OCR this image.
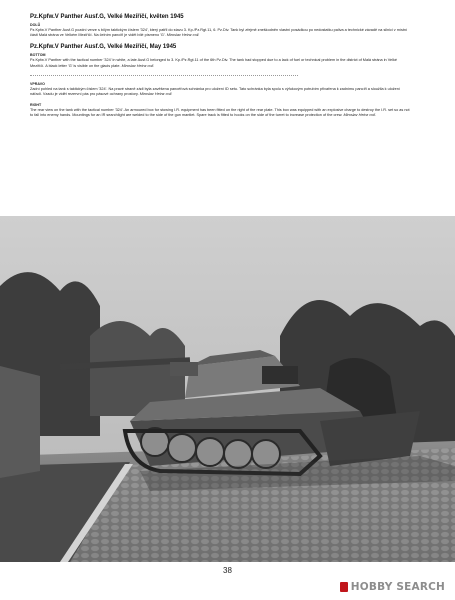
Pz.Kpfw.V Panther Ausf.G, Velké Meziříčí, květen 1945
DOLŮ
Pz.Kpfw.V Panther Ausf.G pozdní verze s bílým taktickým číslem '324', který patřil do stavu 3. Kp./Pz.Rgt.11, 6. Pz.Div. Tank byl zřejmě zneškodněn vlastní posádkou po nedostatku paliva a technické závadě na silnici v místní části Malá strána ve Velkém Meziříčí. Na čelním pancíři je vidět bílé písmeno 'G'. Miroslav Heinz coll.
Pz.Kpfw.V Panther Ausf.G, Velké Meziříčí, May 1945
BOTTOM
Pz.Kpfw.V Panther with the tactical number '324' in white, a late Ausf.G belonged to 3. Kp./Pz.Rgt.11 of the 6th Pz.Div. The tank had stopped due to a lack of fuel or technical problem in the district of Malá strána in Velké Meziříčí. A black letter 'G' is visible on the glacis plate. Miroslav Heinz coll.
VPRAVO
Zadní pohled na tank s taktickým číslem '324'. Na pravé straně zádi byla zavěšena pancéřová schránka pro uložení ID setu. Tato schránka byla spolu s výfukovým potrubím přivařena k zadnímu pancíři a sloužila k uložení nářadí. Vzadu je vidět rezervní pás pro pásové ochrany prostory. Miroslav Heinz coll.
RIGHT
The rear view on the tank with the tactical number '324'. An armoured box for stowing I.R. equipment has been fitted on the right of the rear plate. This box was equipped with an explosive charge to destroy the I.R. set so as not to fall into enemy hands. Mountings for an IR searchlight are welded to the side of the gun mantlet. Spare track is fitted to hooks on the side of the turret to increase protection of the crew. Miroslav Heinz coll.
38
HOBBY SEARCH
